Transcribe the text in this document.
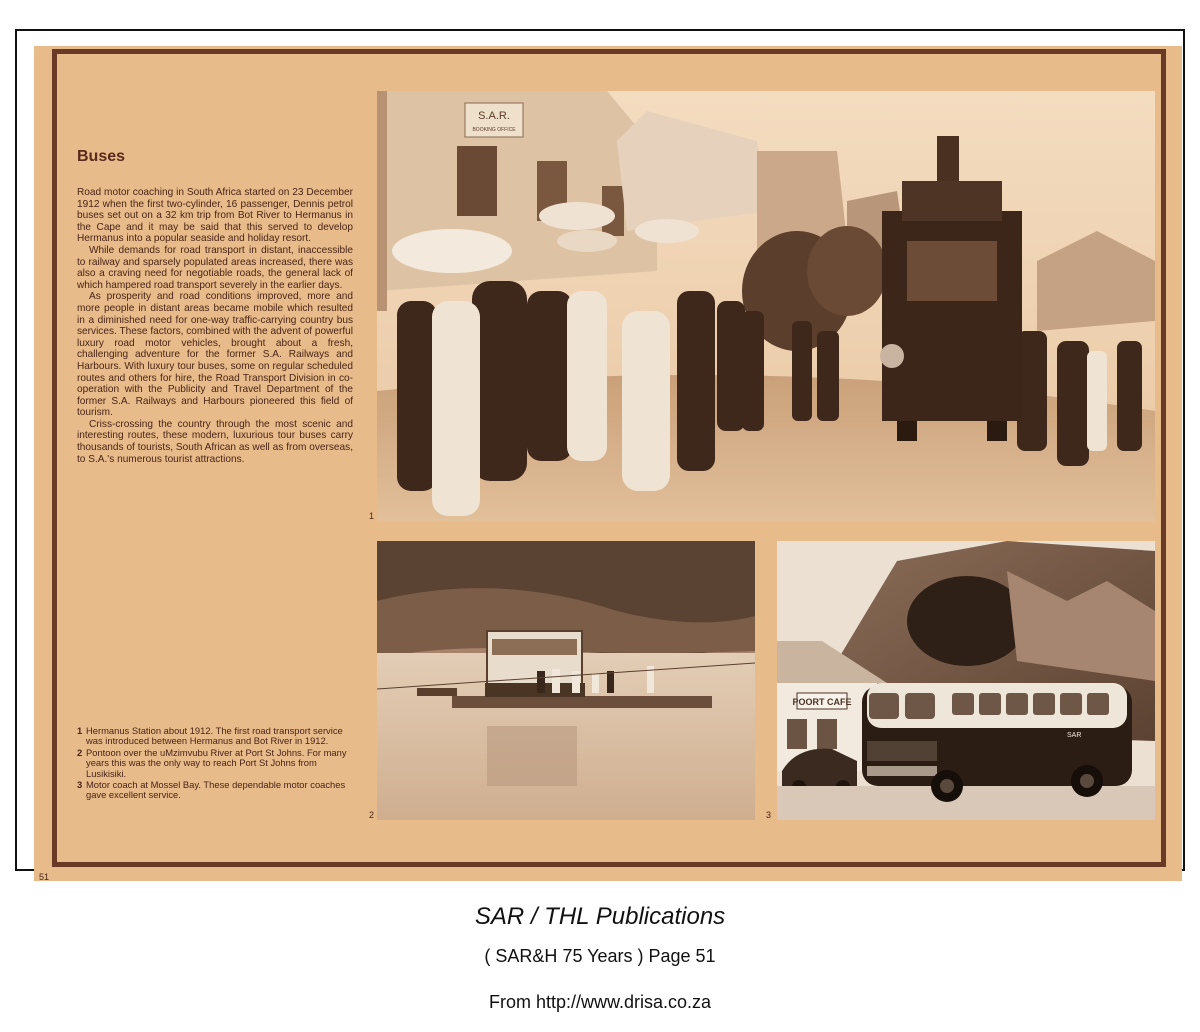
Buses

Road motor coaching in South Africa started on 23 December 1912 when the first two-cylinder, 16 passenger, Dennis petrol buses set out on a 32 km trip from Bot River to Hermanus in the Cape and it may be said that this served to develop Hermanus into a popular seaside and holiday resort.

While demands for road transport in distant, inaccessible to railway and sparsely populated areas increased, there was also a craving need for negotiable roads, the general lack of which hampered road transport severely in the earlier days.

As prosperity and road conditions improved, more and more people in distant areas became mobile which resulted in a diminished need for one-way traffic-carrying country bus services. These factors, combined with the advent of powerful luxury road motor vehicles, brought about a fresh, challenging adventure for the former S.A. Railways and Harbours. With luxury tour buses, some on regular scheduled routes and others for hire, the Road Transport Division in co-operation with the Publicity and Travel Department of the former S.A. Railways and Harbours pioneered this field of tourism.

Criss-crossing the country through the most scenic and interesting routes, these modern, luxurious tour buses carry thousands of tourists, South African as well as from overseas, to S.A.'s numerous tourist attractions.

1 Hermanus Station about 1912. The first road transport service was introduced between Hermanus and Bot River in 1912.
2 Pontoon over the uMzimvubu River at Port St Johns. For many years this was the only way to reach Port St Johns from Lusikisiki.
3 Motor coach at Mossel Bay. These dependable motor coaches gave excellent service.
S.A.R.
BOOKING OFFICE
1
2
POORT CAFE
SAR
3
51
SAR / THL Publications
( SAR&H 75 Years ) Page 51
From http://www.drisa.co.za
